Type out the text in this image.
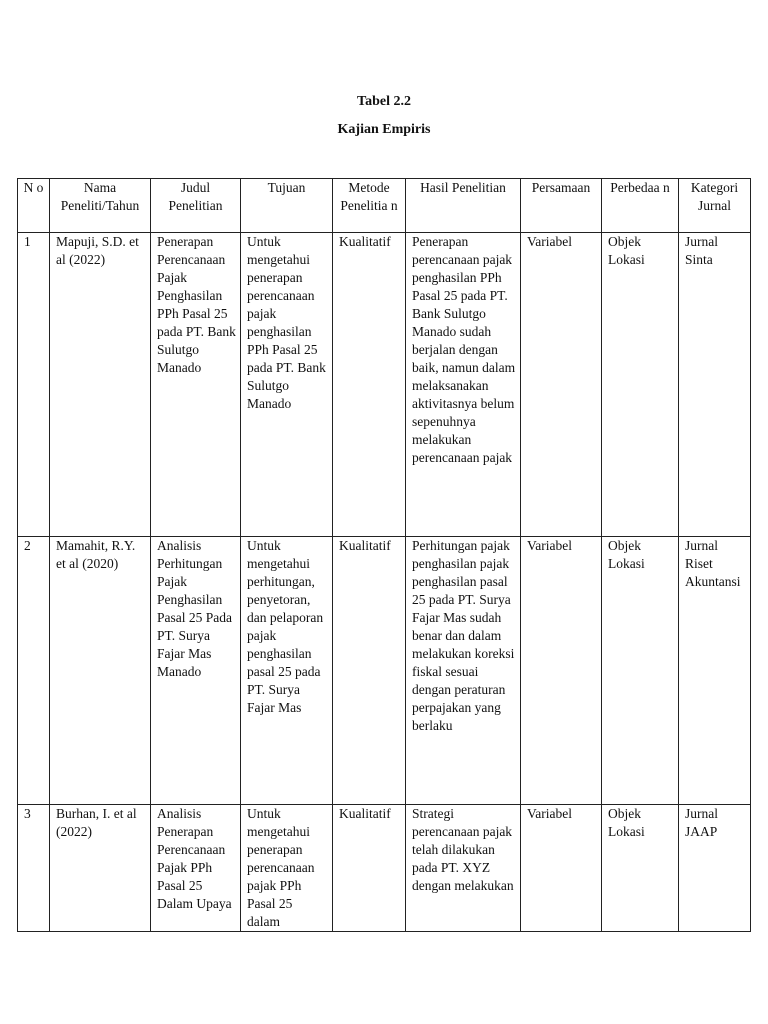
Tabel 2.2
Kajian Empiris
N o	Nama Peneliti/Tahun	Judul Penelitian	Tujuan	Metode Penelitia n	Hasil Penelitian	Persamaan	Perbedaa n	Kategori Jurnal
1	Mapuji, S.D. et al (2022)	Penerapan Perencanaan Pajak Penghasilan PPh Pasal 25 pada PT. Bank Sulutgo Manado	Untuk mengetahui penerapan perencanaan pajak penghasilan PPh Pasal 25 pada PT. Bank Sulutgo Manado	Kualitatif	Penerapan perencanaan pajak penghasilan PPh Pasal 25 pada PT. Bank Sulutgo Manado sudah berjalan dengan baik, namun dalam melaksanakan aktivitasnya belum sepenuhnya melakukan perencanaan pajak	Variabel	Objek Lokasi	Jurnal Sinta
2	Mamahit, R.Y. et al (2020)	Analisis Perhitungan Pajak Penghasilan Pasal 25 Pada PT. Surya Fajar Mas Manado	Untuk mengetahui perhitungan, penyetoran, dan pelaporan pajak penghasilan pasal 25 pada PT. Surya Fajar Mas	Kualitatif	Perhitungan pajak penghasilan pajak penghasilan pasal 25 pada PT. Surya Fajar Mas sudah benar dan dalam melakukan koreksi fiskal sesuai dengan peraturan perpajakan yang berlaku	Variabel	Objek Lokasi	Jurnal Riset Akuntansi

3	Burhan, I. et al (2022)	Analisis Penerapan Perencanaan Pajak PPh Pasal 25 Dalam Upaya	Untuk mengetahui penerapan perencanaan pajak PPh Pasal 25 dalam	Kualitatif	Strategi perencanaan pajak telah dilakukan pada PT. XYZ dengan melakukan	Variabel	Objek Lokasi	Jurnal JAAP
